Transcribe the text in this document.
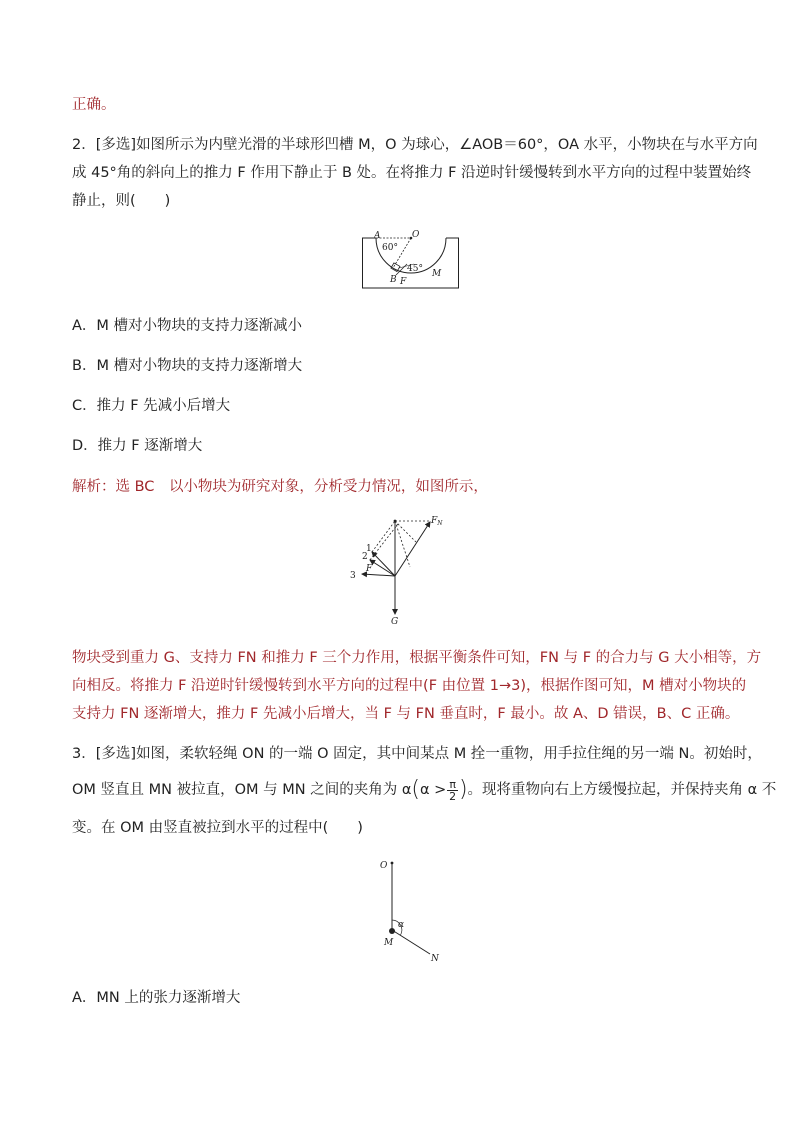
正确。
2．[多选]如图所示为内壁光滑的半球形凹槽 M，O 为球心，∠AOB＝60°，OA 水平，小物块在与水平方向
成 45°角的斜向上的推力 F 作用下静止于 B 处。在将推力 F 沿逆时针缓慢转到水平方向的过程中装置始终
静止，则(　　)
A	O
60°
45°
B F
M
A．M 槽对小物块的支持力逐渐减小
B．M 槽对小物块的支持力逐渐增大
C．推力 F 先减小后增大
D．推力 F 逐渐增大
解析：选 BC　 以小物块为研究对象，分析受力情况，如图所示，
$F_N$
1
2
3
F
G
物块受到重力 G、支持力 FN 和推力 F 三个力作用，根据平衡条件可知，FN 与 F 的合力与 G 大小相等，方
向相反。将推力 F 沿逆时针缓慢转到水平方向的过程中(F 由位置 1→3)，根据作图可知，M 槽对小物块的
支持力 FN 逐渐增大，推力 F 先减小后增大，当 F 与 FN 垂直时，F 最小。故 A、D 错误，B、C 正确。
3．[多选]如图，柔软轻绳 ON 的一端 O 固定，其中间某点 M 拴一重物，用手拉住绳的另一端 N。初始时，
OM 竖直且 MN 被拉直，OM 与 MN 之间的夹角为 $\alpha(\alpha > \frac{\pi}{2}$ )。现将重物向右上方缓慢拉起，并保持夹角 α 不
变。在 OM 由竖直被拉到水平的过程中(　　)
O
α
M
N
A．MN 上的张力逐渐增大
